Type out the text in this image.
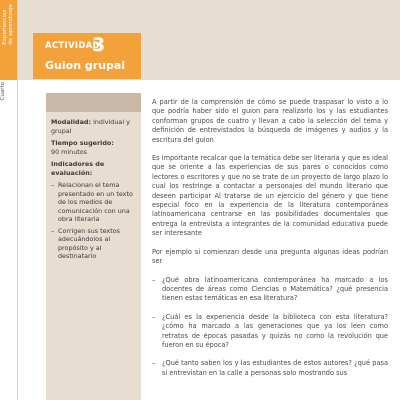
Experiencias
de aprendizaje
Cuarto
ACTIVIDAD
3
Guion grupal

Modalidad: individual y grupal

Tiempo sugerido:
90 minutos

Indicadores de evaluación:

– Relacionan el tema presentado en un texto de los medios de comunicación con una obra literaria
– Corrigen sus textos adecuándolos al propósito y al destinatario

A partir de la comprensión de cómo se puede traspasar lo visto a lo que podría haber sido el guion para realizarlo los y las estudiantes conforman grupos de cuatro y llevan a cabo la selección del tema y definición de entrevistados la búsqueda de imágenes y audios y la escritura del guion

Es importante recalcar que la temática debe ser literaria y que es ideal que se oriente a las experiencias de sus pares o conocidos como lectores o escritores y que no se trate de un proyecto de largo plazo lo cual los restringe a contactar a personajes del mundo literario que deseen participar Al tratarse de un ejercicio del género y que tiene especial foco en la experiencia de la literatura contemporánea latinoamericana centrarse en las posibilidades documentales que entrega la entrevista a integrantes de la comunidad educativa puede ser interesante

Por ejemplo si comienzan desde una pregunta algunas ideas podrían ser

– ¿Qué obra latinoamericana contemporánea ha marcado a los docentes de áreas como Ciencias o Matemática? ¿qué presencia tienen estas temáticas en esa literatura?
– ¿Cuál es la experiencia desde la biblioteca con esta literatura? ¿cómo ha marcado a las generaciones que ya los leen como retratos de épocas pasadas y quizás no como la revolución que fueron en su época?
– ¿Qué tanto saben los y las estudiantes de estos autores? ¿qué pasa si entrevistan en la calle a personas solo mostrando sus
